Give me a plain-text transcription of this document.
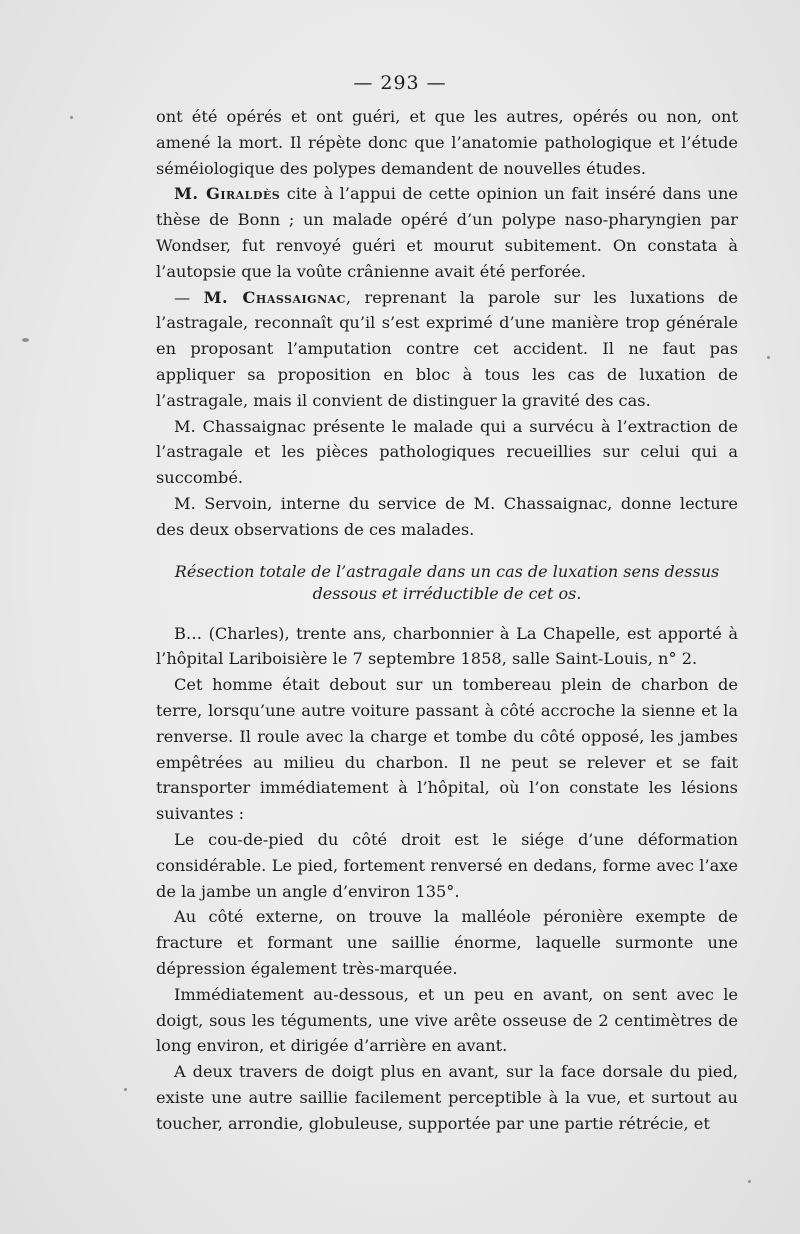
— 293 —

ont été opérés et ont guéri, et que les autres, opérés ou non, ont amené la mort. Il répète donc que l’anatomie pathologique et l’étude séméiologique des polypes demandent de nouvelles études.

M. Giraldès cite à l’appui de cette opinion un fait inséré dans une thèse de Bonn ; un malade opéré d’un polype naso-pharyngien par Wondser, fut renvoyé guéri et mourut subitement. On constata à l’autopsie que la voûte crânienne avait été perforée.

— M. Chassaignac, reprenant la parole sur les luxations de l’astragale, reconnaît qu’il s’est exprimé d’une manière trop générale en proposant l’amputation contre cet accident. Il ne faut pas appliquer sa proposition en bloc à tous les cas de luxation de l’astragale, mais il convient de distinguer la gravité des cas.

M. Chassaignac présente le malade qui a survécu à l’extraction de l’astragale et les pièces pathologiques recueillies sur celui qui a succombé.

M. Servoin, interne du service de M. Chassaignac, donne lecture des deux observations de ces malades.

Résection totale de l’astragale dans un cas de luxation sens dessus
dessous et irréductible de cet os.

B… (Charles), trente ans, charbonnier à La Chapelle, est apporté à l’hôpital Lariboisière le 7 septembre 1858, salle Saint-Louis, n° 2.

Cet homme était debout sur un tombereau plein de charbon de terre, lorsqu’une autre voiture passant à côté accroche la sienne et la renverse. Il roule avec la charge et tombe du côté opposé, les jambes empêtrées au milieu du charbon. Il ne peut se relever et se fait transporter immédiatement à l’hôpital, où l’on constate les lésions suivantes :

Le cou-de-pied du côté droit est le siége d’une déformation considérable. Le pied, fortement renversé en dedans, forme avec l’axe de la jambe un angle d’environ 135°.

Au côté externe, on trouve la malléole péronière exempte de fracture et formant une saillie énorme, laquelle surmonte une dépression également très-marquée.

Immédiatement au-dessous, et un peu en avant, on sent avec le doigt, sous les téguments, une vive arête osseuse de 2 centimètres de long environ, et dirigée d’arrière en avant.

A deux travers de doigt plus en avant, sur la face dorsale du pied, existe une autre saillie facilement perceptible à la vue, et surtout au toucher, arrondie, globuleuse, supportée par une partie rétrécie, et
